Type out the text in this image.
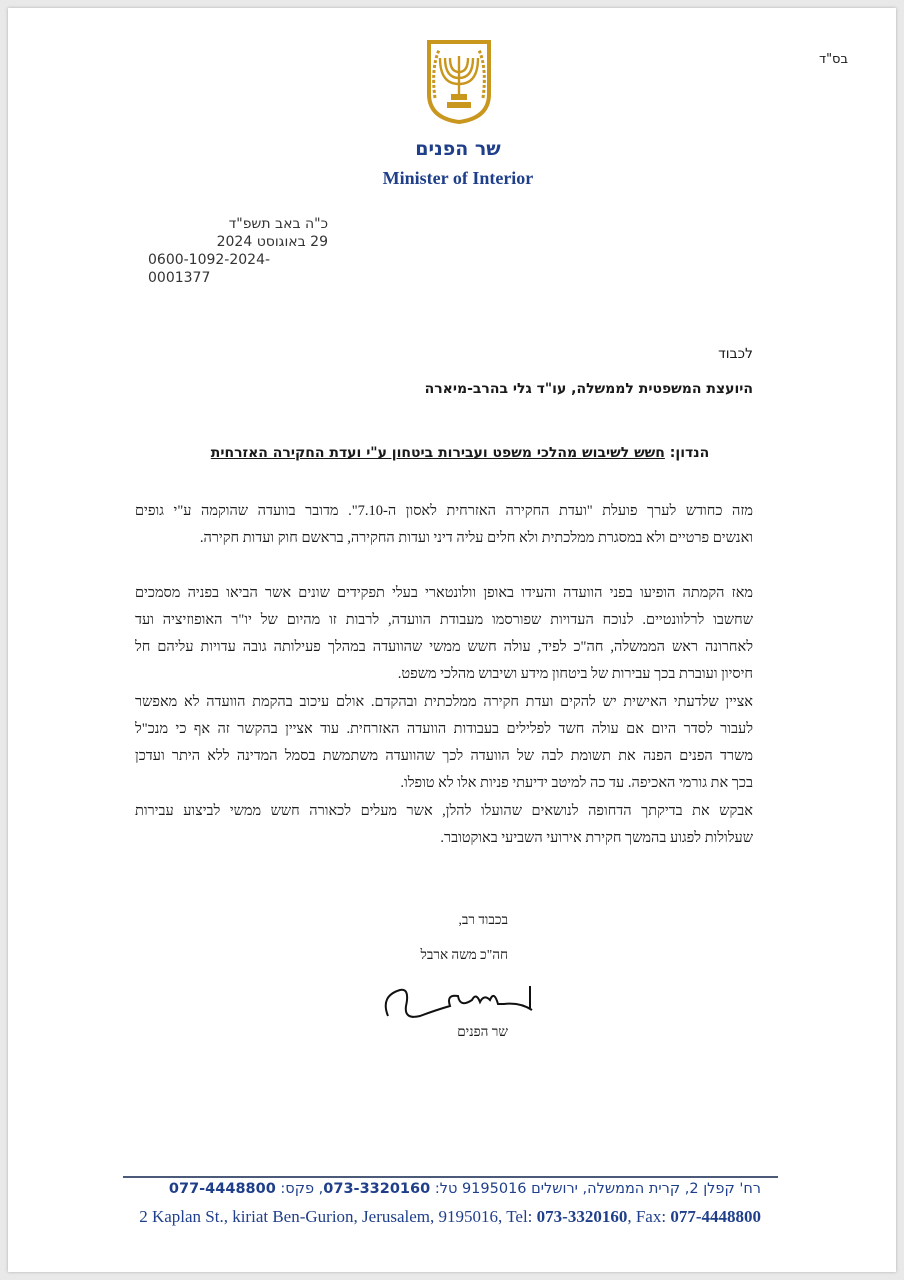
בס"ד
שר הפנים
Minister of Interior
כ"ה באב תשפ"ד
29 באוגוסט 2024
0600-1092-2024-0001377
לכבוד
היועצת המשפטית לממשלה, עו"ד גלי בהרב-מיארה
הנדון: חשש לשיבוש מהלכי משפט ועבירות ביטחון ע"י ועדת החקירה האזרחית
מזה כחודש לערך פועלת "ועדת החקירה האזרחית לאסון ה-7.10". מדובר בוועדה שהוקמה ע"י גופים
ואנשים פרטיים ולא במסגרת ממלכתית ולא חלים עליה דיני ועדות החקירה, בראשם חוק ועדות חקירה.
מאז הקמתה הופיעו בפני הוועדה והעידו באופן וולונטארי בעלי תפקידים שונים אשר הביאו בפניה מסמכים
שחשבו לרלוונטיים. לנוכח העדויות שפורסמו מעבודת הוועדה, לרבות זו מהיום של יו"ר האופוזיציה ועד
לאחרונה ראש הממשלה, חה"כ לפיד, עולה חשש ממשי שהוועדה במהלך פעילותה גובה עדויות עליהם חל
חיסיון ועוברת בכך עבירות של ביטחון מידע ושיבוש מהלכי משפט.
אציין שלדעתי האישית יש להקים ועדת חקירה ממלכתית ובהקדם. אולם עיכוב בהקמת הוועדה לא מאפשר
לעבור לסדר היום אם עולה חשד לפלילים בעבודות הוועדה האזרחית. עוד אציין בהקשר זה אף כי מנכ"ל
משרד הפנים הפנה את תשומת לבה של הוועדה לכך שהוועדה משתמשת בסמל המדינה ללא היתר ועדכן
בכך את גורמי האכיפה. עד כה למיטב ידיעתי פניות אלו לא טופלו.
אבקש את בדיקתך הדחופה לנושאים שהועלו להלן, אשר מעלים לכאורה חשש ממשי לביצוע עבירות
שעלולות לפגוע בהמשך חקירת אירועי השביעי באוקטובר.
בכבוד רב,
חה"כ משה ארבל
שר הפנים
רח' קפלן 2, קרית הממשלה, ירושלים 9195016 טל: 073-3320160, פקס: 077-4448800
2 Kaplan St., kiriat Ben-Gurion, Jerusalem, 9195016, Tel: 073-3320160, Fax: 077-4448800
